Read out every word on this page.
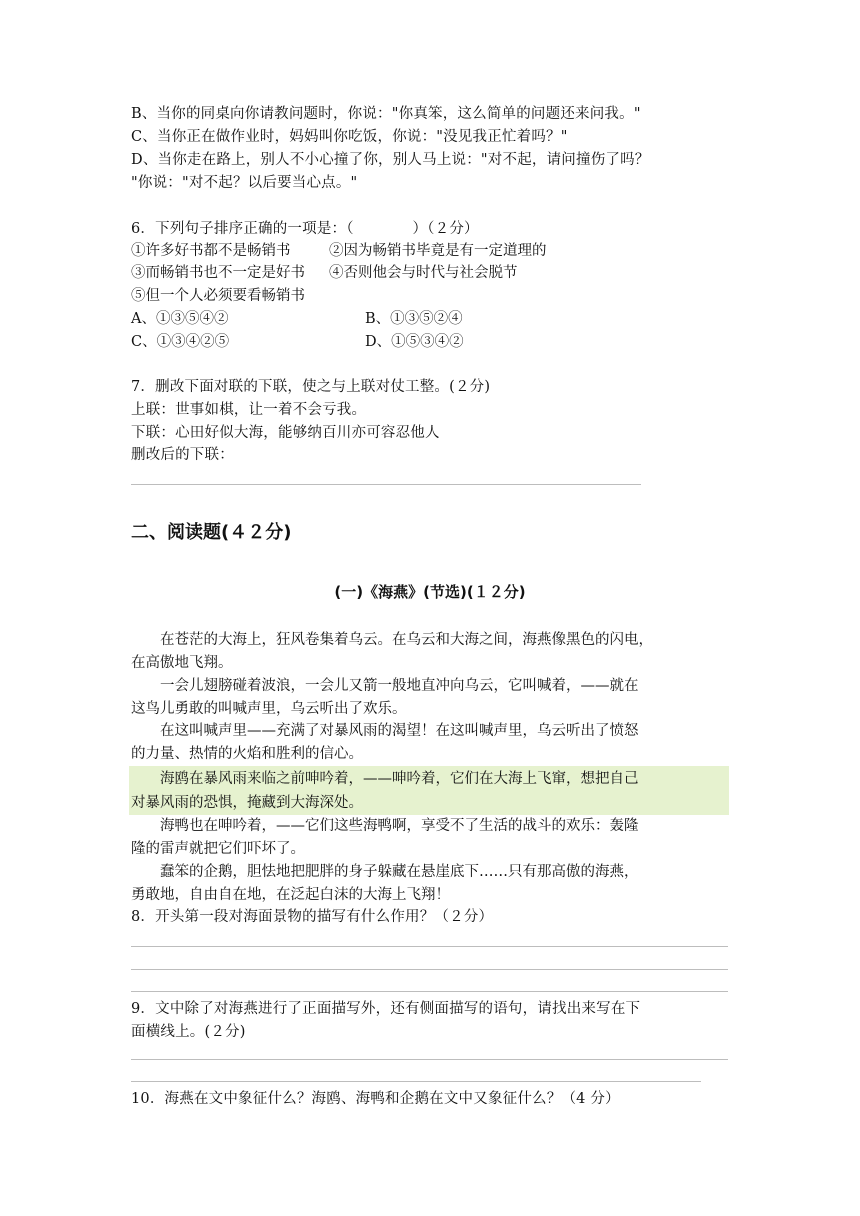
B、当你的同桌向你请教问题时，你说："你真笨，这么简单的问题还来问我。"
C、当你正在做作业时，妈妈叫你吃饭，你说："没见我正忙着吗？"
D、当你走在路上，别人不小心撞了你，别人马上说："对不起，请问撞伤了吗？
"你说："对不起？以后要当心点。"
6．下列句子排序正确的一项是：（　　　　）（２分）
①许多好书都不是畅销书	②因为畅销书毕竟是有一定道理的
③而畅销书也不一定是好书 ④否则他会与时代与社会脱节
⑤但一个人必须要看畅销书
A、①③⑤④②	B、①③⑤②④
C、①③④②⑤	D、①⑤③④②
7．删改下面对联的下联，使之与上联对仗工整。(２分)
上联：世事如棋，让一着不会亏我。
下联：心田好似大海，能够纳百川亦可容忍他人
删改后的下联：
二、阅读题(４２分)
(一)《海燕》(节选)(１２分)
在苍茫的大海上，狂风卷集着乌云。在乌云和大海之间，海燕像黑色的闪电，
在高傲地飞翔。
一会儿翅膀碰着波浪，一会儿又箭一般地直冲向乌云，它叫喊着，——就在
这鸟儿勇敢的叫喊声里，乌云听出了欢乐。
在这叫喊声里——充满了对暴风雨的渴望！在这叫喊声里，乌云听出了愤怒
的力量、热情的火焰和胜利的信心。
海鸥在暴风雨来临之前呻吟着，——呻吟着，它们在大海上飞窜，想把自己
对暴风雨的恐惧，掩藏到大海深处。
海鸭也在呻吟着，——它们这些海鸭啊，享受不了生活的战斗的欢乐：轰隆
隆的雷声就把它们吓坏了。
蠢笨的企鹅，胆怯地把肥胖的身子躲藏在悬崖底下……只有那高傲的海燕，
勇敢地，自由自在地，在泛起白沫的大海上飞翔！
8．开头第一段对海面景物的描写有什么作用？（２分）
9．文中除了对海燕进行了正面描写外，还有侧面描写的语句，请找出来写在下
面横线上。(２分)
10．海燕在文中象征什么？海鸥、海鸭和企鹅在文中又象征什么？（4 分）
